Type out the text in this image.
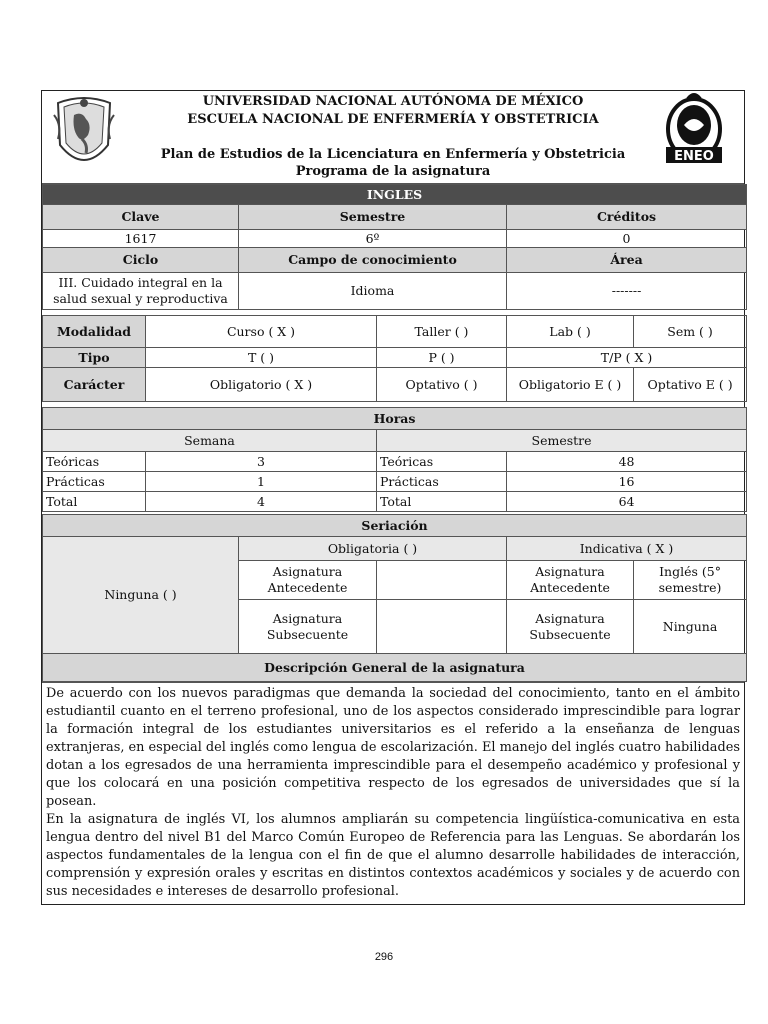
UNIVERSIDAD NACIONAL AUTÓNOMA DE MÉXICO
ESCUELA NACIONAL DE ENFERMERÍA Y OBSTETRICIA
Plan de Estudios de la Licenciatura en Enfermería y Obstetricia
Programa de la asignatura
ENEO
INGLES					
Clave		Semestre		Créditos	
1617		6º		0	
Ciclo		Campo de conocimiento		Área	
III. Cuidado integral en la salud sexual y reproductiva		Idioma		-------	

Modalidad	Curso ( X )		Taller ( )	Lab ( )	Sem ( )
Tipo	T ( )		P ( )	T/P ( X )	
Carácter	Obligatorio ( X )		Optativo ( )	Obligatorio E ( )	Optativo E ( )

Horas					
Semana			Semestre		
Teóricas	3		Teóricas	48	
Prácticas	1		Prácticas	16	
Total	4		Total	64	

Seriación					
Ninguna ( )		Obligatoria ( )		Indicativa ( X )	
		Asignatura Antecedente		Asignatura Antecedente	Inglés (5° semestre)
		Asignatura Subsecuente		Asignatura Subsecuente	Ninguna
Descripción General de la asignatura					

De acuerdo con los nuevos paradigmas que demanda la sociedad del conocimiento, tanto en el ámbito estudiantil cuanto en el terreno profesional, uno de los aspectos considerado imprescindible para lograr la formación integral de los estudiantes universitarios es el referido a la enseñanza de lenguas extranjeras, en especial del inglés como lengua de escolarización. El manejo del inglés cuatro habilidades dotan a los egresados de una herramienta imprescindible para el desempeño académico y profesional y que los colocará en una posición competitiva respecto de los egresados de universidades que sí la posean.

En la asignatura de inglés VI, los alumnos ampliarán su competencia lingüística-comunicativa en esta lengua dentro del nivel B1 del Marco Común Europeo de Referencia para las Lenguas. Se abordarán los aspectos fundamentales de la lengua con el fin de que el alumno desarrolle habilidades de interacción, comprensión y expresión orales y escritas en distintos contextos académicos y sociales y de acuerdo con sus necesidades e intereses de desarrollo profesional.

296
